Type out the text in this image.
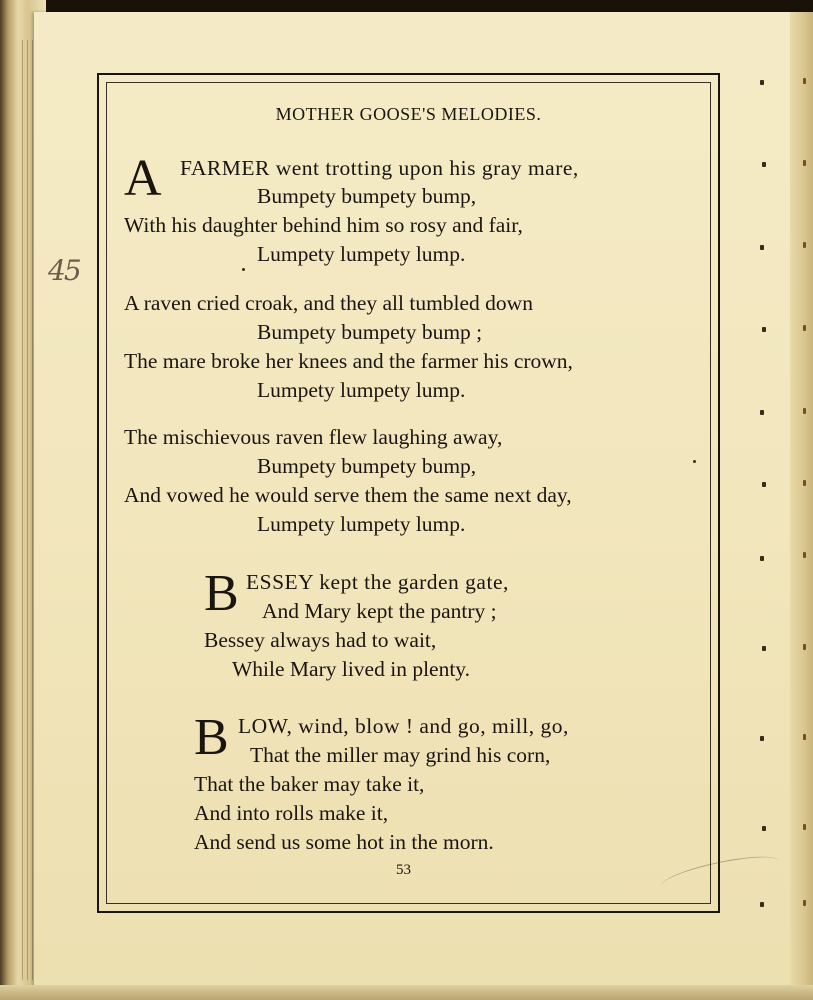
45
MOTHER GOOSE'S MELODIES.
A FARMER went trotting upon his gray mare,
Bumpety bumpety bump,
With his daughter behind him so rosy and fair,
Lumpety lumpety lump.
A raven cried croak, and they all tumbled down
Bumpety bumpety bump ;
The mare broke her knees and the farmer his crown,
Lumpety lumpety lump.
The mischievous raven flew laughing away,
Bumpety bumpety bump,
And vowed he would serve them the same next day,
Lumpety lumpety lump.
B ESSEY kept the garden gate,
And Mary kept the pantry ;
Bessey always had to wait,
While Mary lived in plenty.
B LOW, wind, blow ! and go, mill, go,
That the miller may grind his corn,
That the baker may take it,
And into rolls make it,
And send us some hot in the morn.
53
